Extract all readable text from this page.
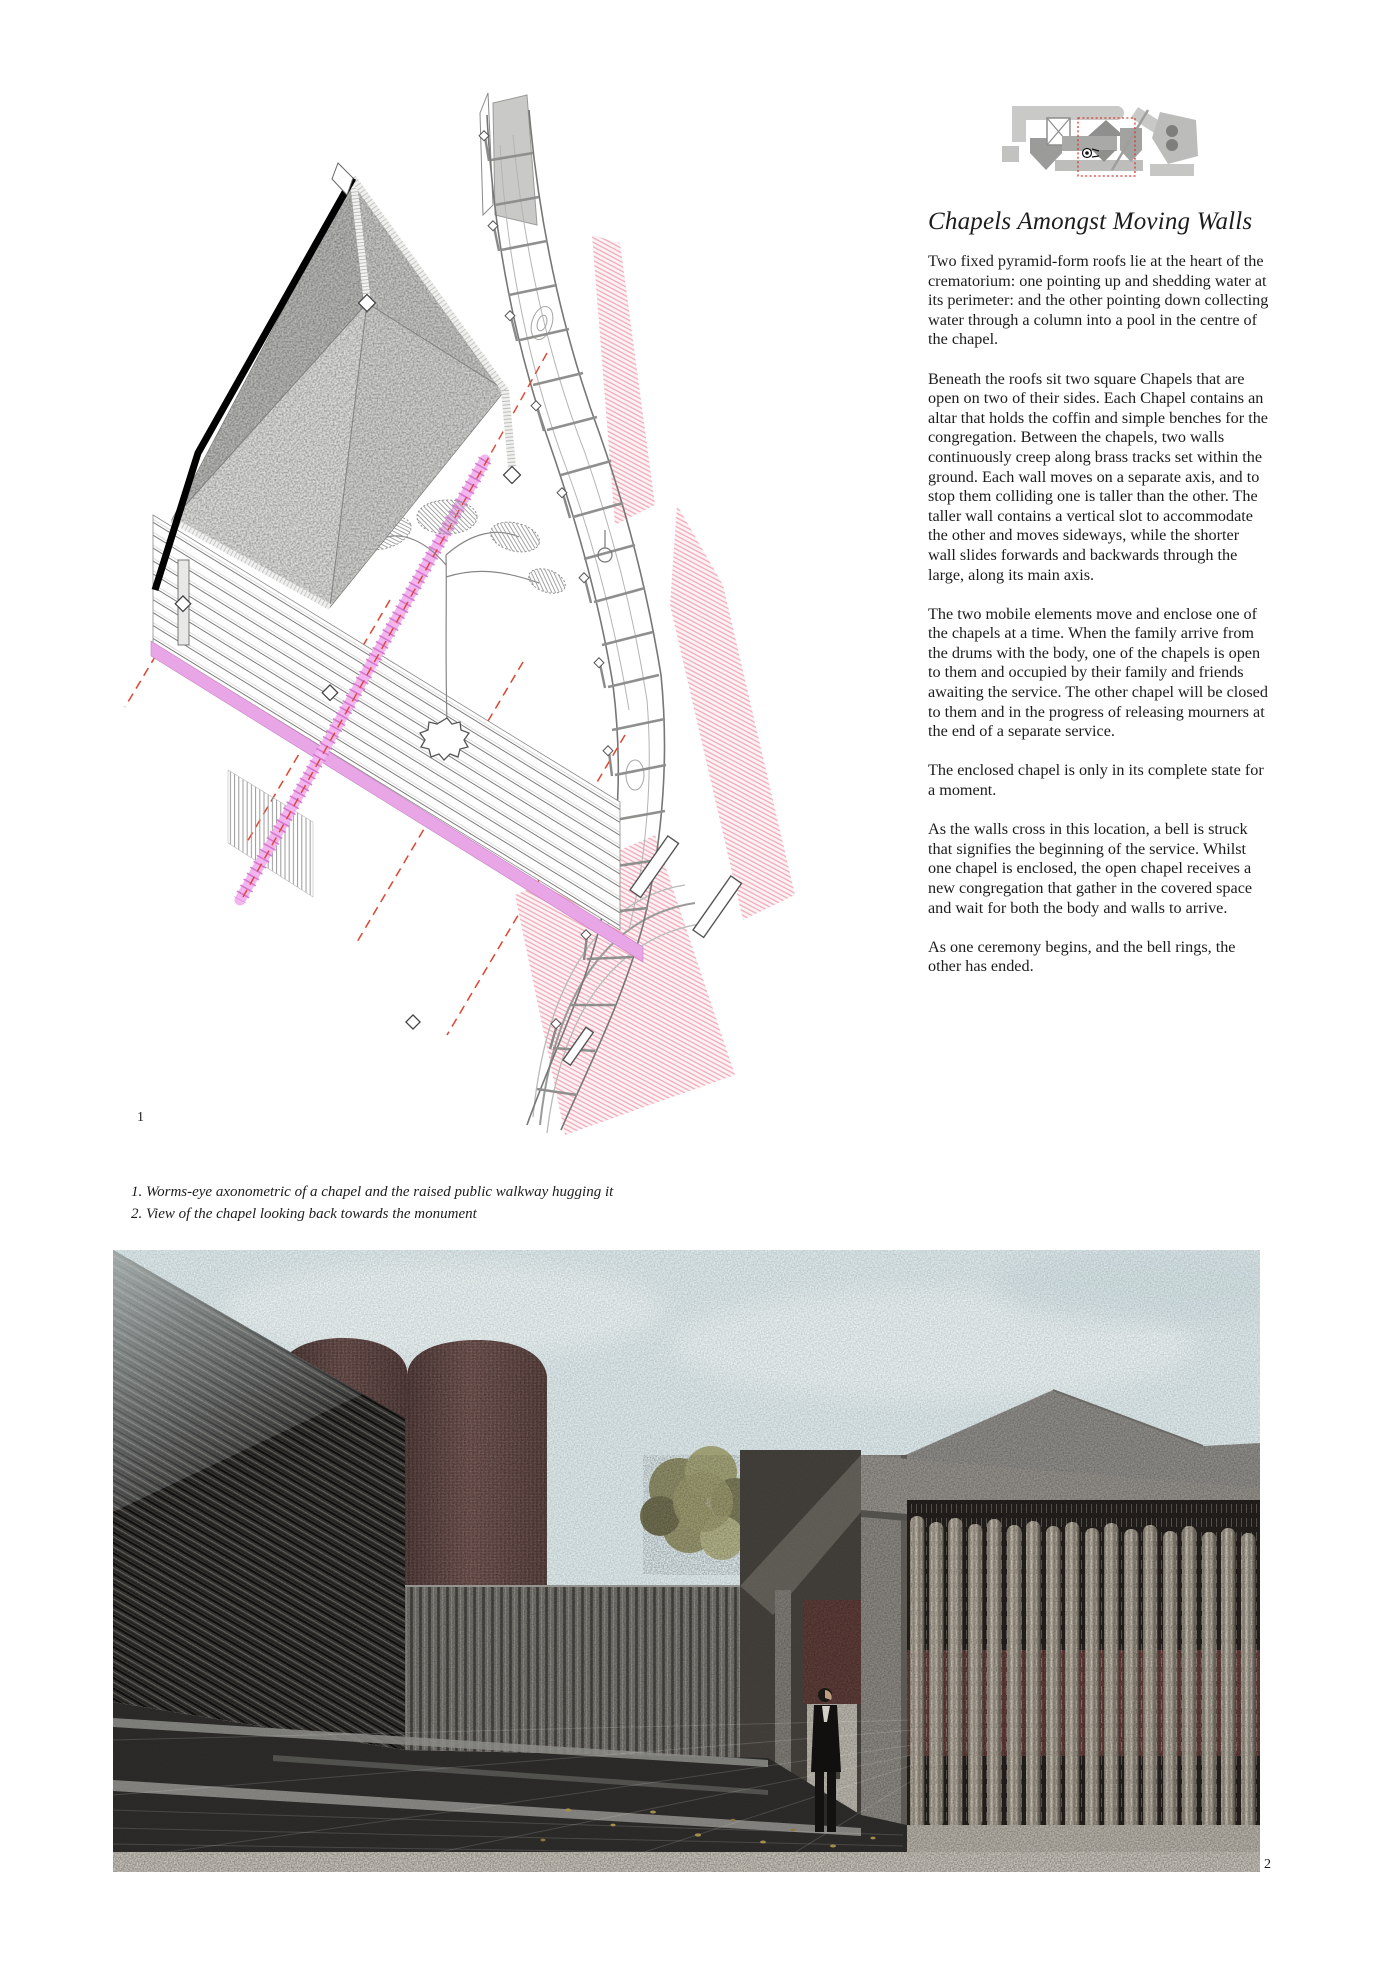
Chapels Amongst Moving Walls

Two fixed pyramid-form roofs lie at the heart of the crematorium: one pointing up and shedding water at its perimeter: and the other pointing down collecting water through a column into a pool in the centre of the chapel.

Beneath the roofs sit two square Chapels that are open on two of their sides. Each Chapel contains an altar that holds the coffin and simple benches for the congregation. Between the chapels, two walls continuously creep along brass tracks set within the ground. Each wall moves on a separate axis, and to stop them colliding one is taller than the other. The taller wall contains a vertical slot to accommodate the other and moves sideways, while the shorter wall slides forwards and backwards through the large, along its main axis.

The two mobile elements move and enclose one of the chapels at a time. When the family arrive from the drums with the body, one of the chapels is open to them and occupied by their family and friends awaiting the service. The other chapel will be closed to them and in the progress of releasing mourners at the end of a separate service.

The enclosed chapel is only in its complete state for a moment.

As the walls cross in this location, a bell is struck that signifies the beginning of the service. Whilst one chapel is enclosed, the open chapel receives a new congregation that gather in the covered space and wait for both the body and walls to arrive.

As one ceremony begins, and the bell rings, the other has ended.

1
1. Worms-eye axonometric of a chapel and the raised public walkway hugging it
2. View of the chapel looking back towards the monument
2
